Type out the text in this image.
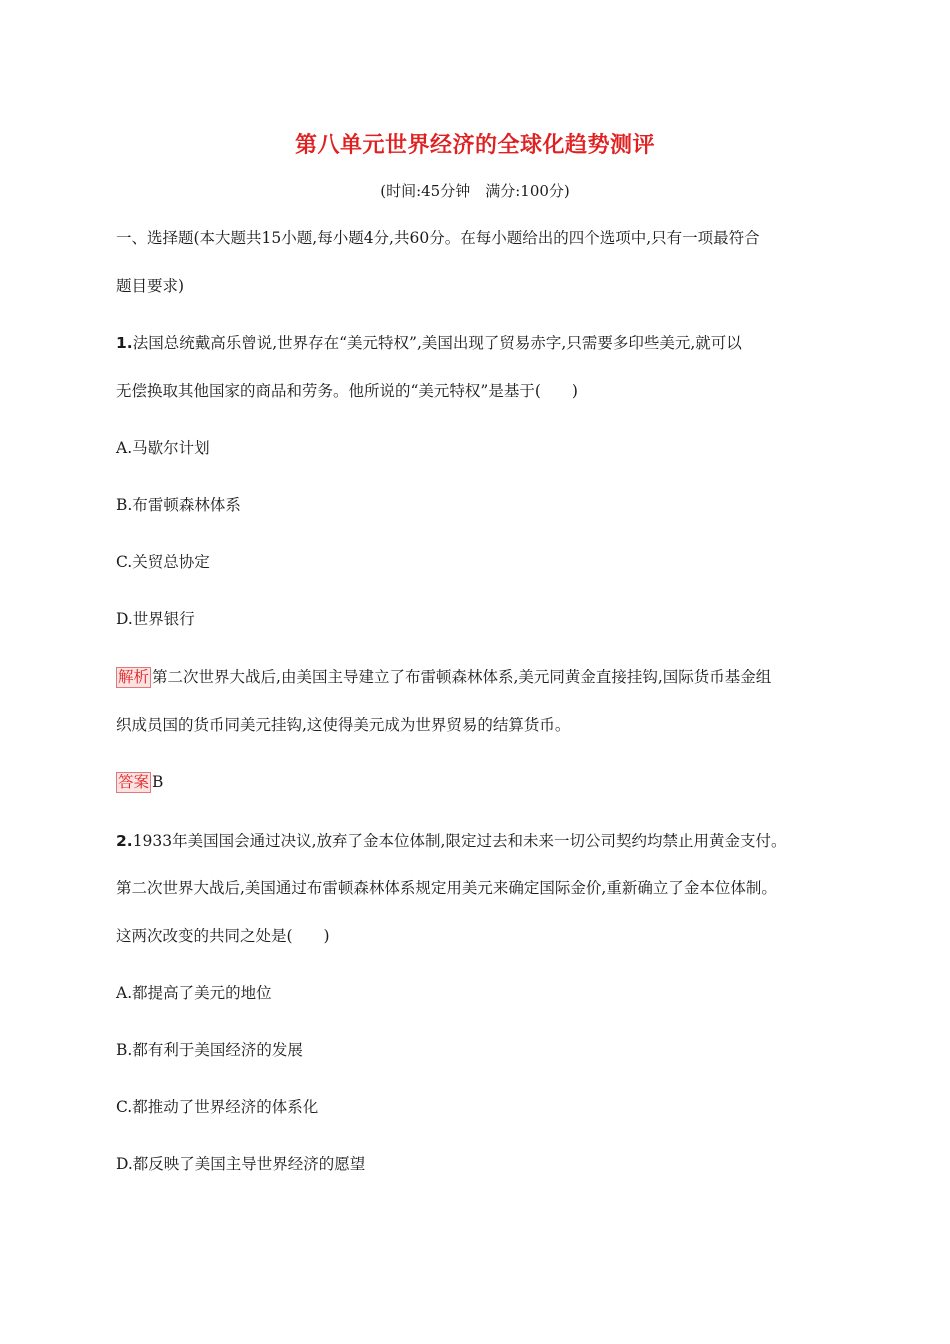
第八单元世界经济的全球化趋势测评
(时间:45分钟　满分:100分)
一、选择题(本大题共15小题,每小题4分,共60分。在每小题给出的四个选项中,只有一项最符合
题目要求)
1.法国总统戴高乐曾说,世界存在“美元特权”,美国出现了贸易赤字,只需要多印些美元,就可以
无偿换取其他国家的商品和劳务。他所说的“美元特权”是基于(　　)
A.马歇尔计划
B.布雷顿森林体系
C.关贸总协定
D.世界银行
解析 第二次世界大战后,由美国主导建立了布雷顿森林体系,美元同黄金直接挂钩,国际货币基金组
织成员国的货币同美元挂钩,这使得美元成为世界贸易的结算货币。
答案 B
2.1933年美国国会通过决议,放弃了金本位体制,限定过去和未来一切公司契约均禁止用黄金支付。
第二次世界大战后,美国通过布雷顿森林体系规定用美元来确定国际金价,重新确立了金本位体制。
这两次改变的共同之处是(　　)
A.都提高了美元的地位
B.都有利于美国经济的发展
C.都推动了世界经济的体系化
D.都反映了美国主导世界经济的愿望
